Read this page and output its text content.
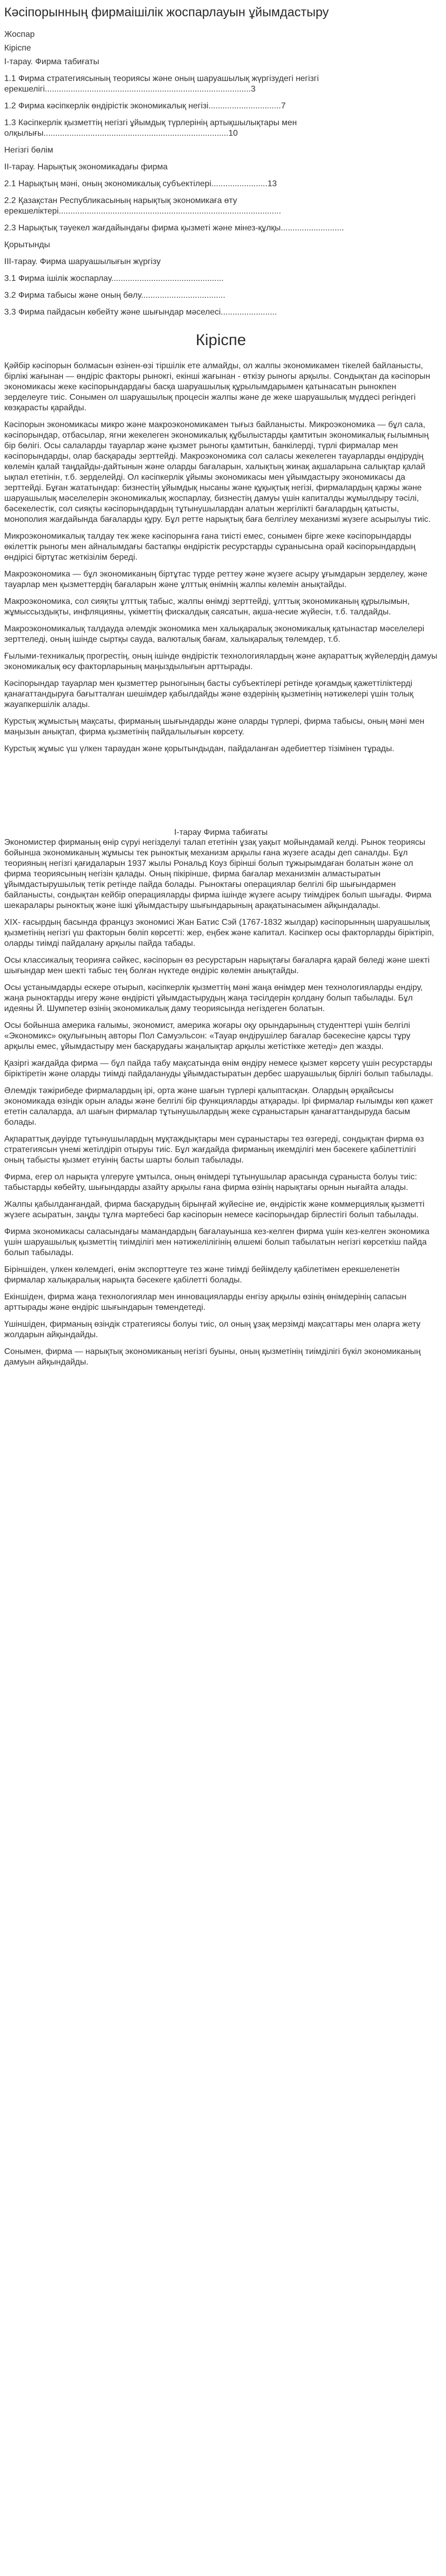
Кәсіпорынның фирмаішілік жоспарлауын ұйымдастыру

Жоспар

Кіріспе

I-тарау. Фирма табиғаты

1.1 Фирма стратегиясының теориясы және оның шаруашылық жүргізудегі негізгі ерекшелігі........................................................................................3

1.2 Фирма кәсіпкерлік өндірістік экономикалық негізі...............................7

1.3 Кәсіпкерлік қызметтің негізгі ұйымдық түрлерінің артықшылықтары мен олқылығы...............................................................................10

Негізгі бөлім

II-тарау. Нарықтық экономикадағы фирма

2.1 Нарықтың мәні, оның экономикалық субъектілері........................13

2.2 Қазақстан Республикасының нарықтық экономикаға өту ерекшеліктері...............................................................................................

2.3 Нарықтық тәуекел жағдайындағы фирма қызметі және мінез-құлқы...........................

Қорытынды

III-тарау. Фирма шаруашылығын жүргізу

3.1 Фирма ішілік жоспарлау................................................

3.2 Фирма табысы және оның бөлу....................................

3.3 Фирма пайдасын көбейту және шығындар мәселесі........................

Кіріспе

Қәйбір кәсіпорын болмасын өзінен-өзі тіршілік ете алмайды, ол жалпы экономикамен тікелей байланысты, бірлікі жағынан — өндіріс факторы рынокгі, екінші жағынан - өткізу рыногы арқылы. Сондықтан да кәсіпорын экономикасы жеке кәсіпорындардағы басқа шаруашылық құрылымдарымен қатынасатын рынокпен зерделеуге тиіс. Сонымен ол шаруашылық процесін жалпы және де жеке шаруашылық мүддесі регіндегі көзқарасты қарайды.

Кәсіпорын экономикасы микро және макроэкономикамен тығыз байланысты. Микроэкономика — бұл сала, кәсіпорындар, отбасылар, ягни жекелеген экономикалық құбылыстарды қамтитын экономикалық ғылымның бір бөлігі. Осы салаларды тауарлар және қызмет рыногы қамтитын, банкілерді, түрлі фирмалар мен кәсіпорындарды, олар басқарады зерттейді. Макроэкономика сол саласы жекелеген тауарларды өндірудің көлемін қалай таңдайды-дайтынын және оларды бағаларын, халықтың жинақ ақшаларына салықтар қалай ықпал ететінін, т.б. зерделейді. Ол кәсіпкерлік ұйымы экономикасы мен ұйымдастыру экономикасы да зерттейді. Бұған жататындар: бизнестің ұйымдық нысаны және құқықтық негізі, фирмалардың қаржы және шаруашылық мәселелерін экономикалық жоспарлау, бизнестің дамуы үшін капиталды жұмылдыру тәсілі, бәсекелестік, сол сияқты кәсіпорындардың тұтынушылардан алатын жергілікті бағалардың қатысты, монополия жағдайында бағаларды құру. Бұл ретте нарықтық баға белгілеу механизмі жүзеге асырылуы тиіс.

Микроэкономикалық талдау тек жеке кәсіпорынға ғана тиісті емес, сонымен бірге жеке кәсіпорындарды өкілеттік рыногы мен айналымдағы бастапқы өндірістік ресурстарды сұранысына орай кәсіпорындардың өндірісі біртұтас жеткізілім береді.

Макроэкономика — бұл экономиканың біртұтас түрде реттеу және жүзеге асыру ұғымдарын зерделеу, және тауарлар мен қызметтердің бағаларын және ұлттық өнімнің жалпы көлемін анықтайды.

Макроэкономика, сол сияқты ұлттық табыс, жалпы өнімді зерттейді, ұлттық экономиканың құрылымын, жұмыссыздықты, инфляцияны, үкіметтің фискалдық саясатын, ақша-несие жүйесін, т.б. талдайды.

Макроэкономикалық талдауда әлемдік экономика мен халықаралық экономикалық қатынастар мәселелері зерттеледі, оның ішінде сыртқы сауда, валюталық бағам, халықаралық төлемдер, т.б.

Ғылыми-техникалық прогрестің, оның ішінде өндірістік технологиялардың және ақпараттық жүйелердің дамуы экономикалық өсу факторларының маңыздылығын арттырады.

Кәсіпорындар тауарлар мен қызметтер рыногының басты субъектілері ретінде қоғамдық қажеттіліктерді қанағаттандыруға бағытталған шешімдер қабылдайды және өздерінің қызметінің нәтижелері үшін толық жауапкершілік алады.

Курстық жұмыстың мақсаты, фирманың шығындарды және оларды түрлері, фирма табысы, оның мәні мен маңызын анықтап, фирма қызметінің пайдалылығын көрсету.

Курстық жұмыс үш үлкен тараудан және қорытындыдан, пайдаланған әдебиеттер тізімінен тұрады.

I-тарау Фирма табиғаты

Экономистер фирманың өнір сүруі негізделуі талап ететінін ұзақ уақыт мойындамай келді. Рынок теориясы бойынша экономиканың жұмысы тек рыноктық механизм арқылы ғана жүзеге асады деп саналды. Бұл теорияның негізгі қағидаларын 1937 жылы Рональд Коуз бірінші болып тұжырымдаған болатын және ол фирма теориясының негізін қалады. Оның пікірінше, фирма бағалар механизмін алмастыратын ұйымдастырушылық тетік ретінде пайда болады. Рыноктағы операциялар белгілі бір шығындармен байланысты, сондықтан кейбір операцияларды фирма ішінде жүзеге асыру тиімдірек болып шығады. Фирма шекаралары рыноктық және ішкі ұйымдастыру шығындарының арақатынасымен айқындалады.

XIX- ғасырдың басында француз экономисі Жан Батис Сэй (1767-1832 жылдар) кәсіпорынның шаруашылық қызметінің негізгі үш факторын бөліп көрсетті: жер, еңбек және капитал. Кәсіпкер осы факторларды біріктіріп, оларды тиімді пайдалану арқылы пайда табады.

Осы классикалық теорияға сәйкес, кәсіпорын өз ресурстарын нарықтағы бағаларға қарай бөледі және шекті шығындар мен шекті табыс тең болған нүктеде өндіріс көлемін анықтайды.

Осы ұстанымдарды ескере отырып, кәсіпкерлік қызметтің мәні жаңа өнімдер мен технологияларды ендіру, жаңа рыноктарды игеру және өндірісті ұйымдастырудың жаңа тәсілдерін қолдану болып табылады. Бұл идеяны Й. Шумпетер өзінің экономикалық даму теориясында негіздеген болатын.

Осы бойынша америка ғалымы, экономист, америка жоғары оқу орындарының студенттері үшін белгілі «Экономикс» оқулығының авторы Пол Самуэльсон: «Тауар өндірушілер бағалар бәсекесіне қарсы тұру арқылы емес, ұйымдастыру мен басқарудағы жаңалықтар арқылы жетістікке жетеді» деп жазды.

Қазіргі жағдайда фирма — бұл пайда табу мақсатында өнім өндіру немесе қызмет көрсету үшін ресурстарды біріктіретін және оларды тиімді пайдалануды ұйымдастыратын дербес шаруашылық бірлігі болып табылады.

Әлемдік тәжірибеде фирмалардың ірі, орта және шағын түрлері қалыптасқан. Олардың әрқайсысы экономикада өзіндік орын алады және белгілі бір функцияларды атқарады. Ірі фирмалар ғылымды көп қажет ететін салаларда, ал шағын фирмалар тұтынушылардың жеке сұраныстарын қанағаттандыруда басым болады.

Ақпараттық дәуірде тұтынушылардың мұқтаждықтары мен сұраныстары тез өзгереді, сондықтан фирма өз стратегиясын үнемі жетілдіріп отыруы тиіс. Бұл жағдайда фирманың икемділігі мен бәсекеге қабілеттілігі оның табысты қызмет етуінің басты шарты болып табылады.

Фирма, егер ол нарықта үлгеруге ұмтылса, оның өнімдері тұтынушылар арасында сұраныста болуы тиіс: табыстарды көбейту, шығындарды азайту арқылы ғана фирма өзінің нарықтағы орнын нығайта алады.

Жалпы қабылданғандай, фирма басқарудың бірыңғай жүйесіне ие, өндірістік және коммерциялық қызметті жүзеге асыратын, заңды тұлға мәртебесі бар кәсіпорын немесе кәсіпорындар бірлестігі болып табылады.

Фирма экономикасы саласындағы мамандардың бағалауынша кез-келген фирма үшін кез-келген экономика үшін шаруашылық қызметтің тиімділігі мен нәтижелілігінің өлшемі болып табылатын негізгі көрсеткіш пайда болып табылады.

Біріншіден, үлкен көлемдегі, өнім экспорттеуге тез және тиімді бейімделу қабілетімен ерекшеленетін фирмалар халықаралық нарықта бәсекеге қабілетті болады.

Екіншіден, фирма жаңа технологиялар мен инновацияларды енгізу арқылы өзінің өнімдерінің сапасын арттырады және өндіріс шығындарын төмендетеді.

Үшіншіден, фирманың өзіндік стратегиясы болуы тиіс, ол оның ұзақ мерзімді мақсаттары мен оларға жету жолдарын айқындайды.

Сонымен, фирма — нарықтық экономиканың негізгі буыны, оның қызметінің тиімділігі бүкіл экономиканың дамуын айқындайды.
